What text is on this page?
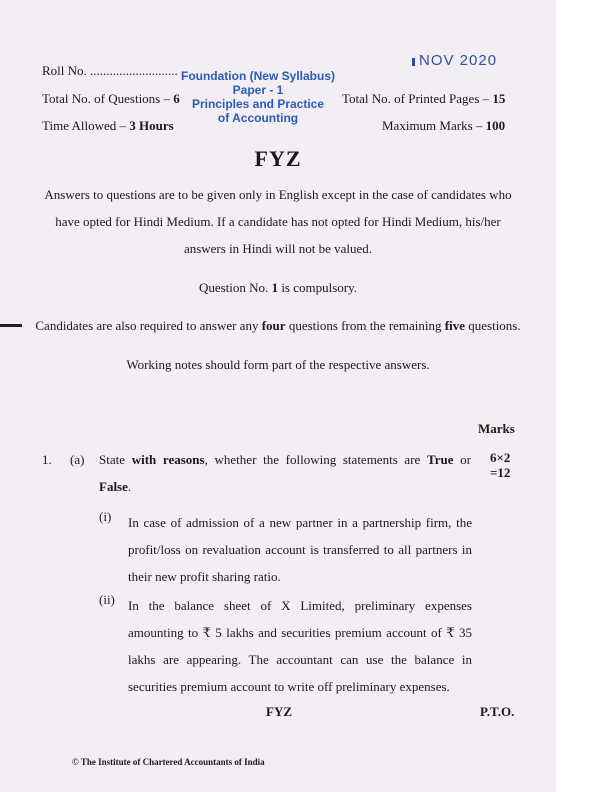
Roll No. ...........................
Total No. of Questions – 6
Time Allowed – 3 Hours
Foundation (New Syllabus)
Paper - 1
Principles and Practice
of Accounting
NOV 2020
Total No. of Printed Pages – 15
Maximum Marks – 100
FYZ
Answers to questions are to be given only in English except in the case of candidates who
have opted for Hindi Medium. If a candidate has not opted for Hindi Medium, his/her
answers in Hindi will not be valued.
Question No. 1 is compulsory.
Candidates are also required to answer any four questions from the remaining five questions.
Working notes should form part of the respective answers.
Marks
1. (a) State with reasons, whether the following statements are True or
False.
6×2
=12
(i) In case of admission of a new partner in a partnership firm, the
profit/loss on revaluation account is transferred to all partners in
their new profit sharing ratio.
(ii) In the balance sheet of X Limited, preliminary expenses
amounting to ₹ 5 lakhs and securities premium account of ₹ 35
lakhs are appearing. The accountant can use the balance in
securities premium account to write off preliminary expenses.
FYZ	P.T.O.
© The Institute of Chartered Accountants of India
